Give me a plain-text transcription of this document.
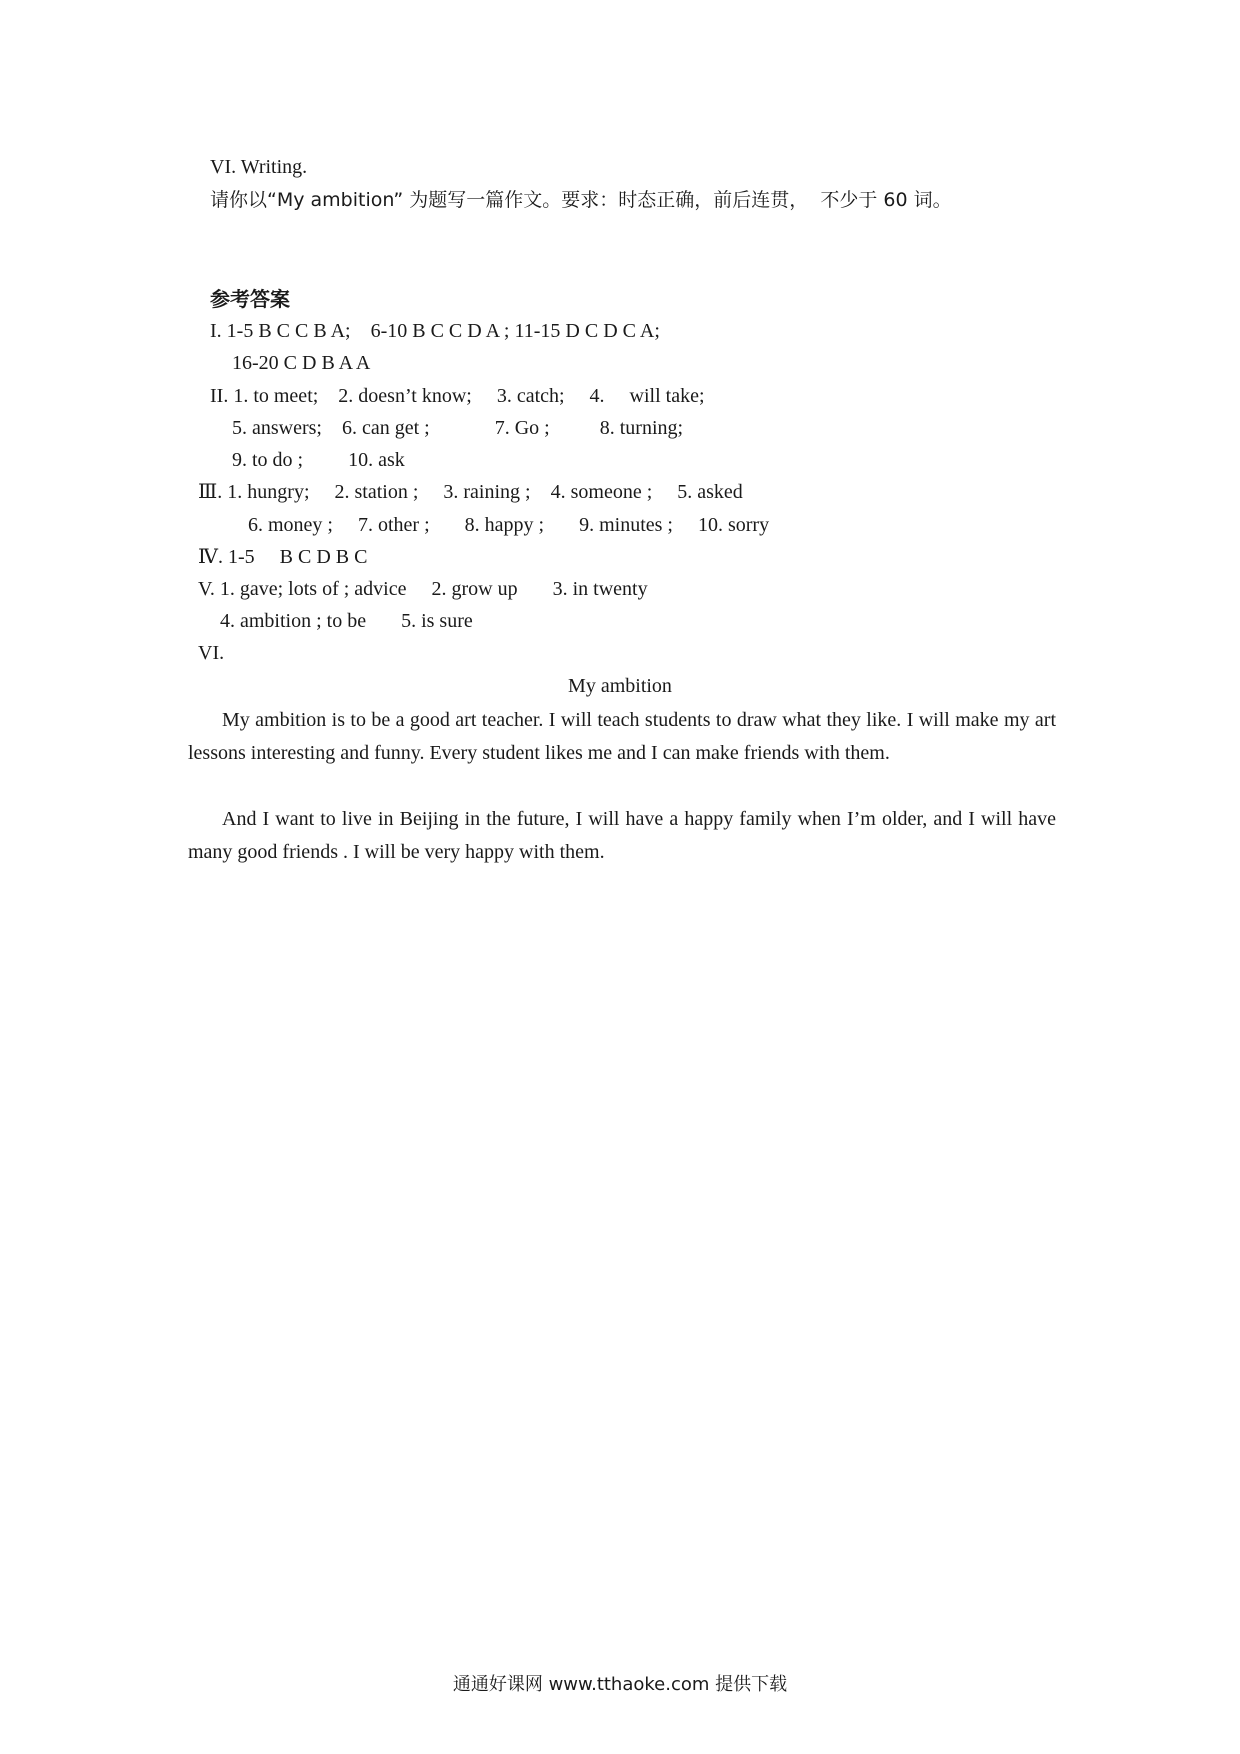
VI. Writing.
请你以“My ambition” 为题写一篇作文。要求：时态正确，前后连贯，  不少于 60 词。
参考答案
I. 1-5 B C C B A;    6-10 B C C D A ; 11-15 D C D C A;
16-20 C D B A A
II. 1. to meet;    2. doesn’t know;     3. catch;     4.     will take;
5. answers;    6. can get ;             7. Go ;          8. turning;
9. to do ;         10. ask
Ⅲ. 1. hungry;     2. station ;     3. raining ;    4. someone ;     5. asked
6. money ;     7. other ;       8. happy ;       9. minutes ;     10. sorry
Ⅳ. 1-5     B C D B C
V. 1. gave; lots of ; advice     2. grow up       3. in twenty
4. ambition ; to be       5. is sure
VI.
My ambition
My ambition is to be a good art teacher. I will teach students to draw what they like. I will make my art lessons interesting and funny. Every student likes me and I can make friends with them.
And I want to live in Beijing in the future, I will have a happy family when I’m older, and I will have many good friends . I will be very happy with them.
通通好课网 www.tthaoke.com 提供下载
